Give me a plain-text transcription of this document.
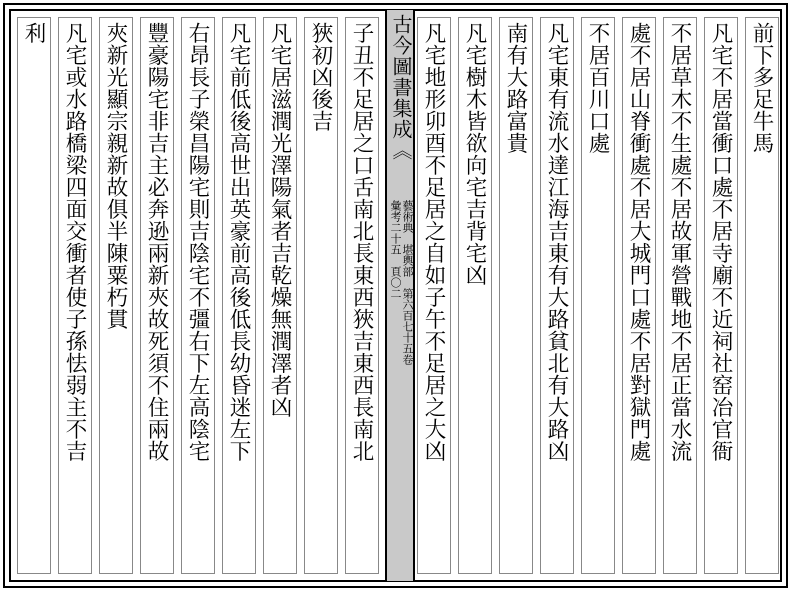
子丑不足居之口舌南北長東西狹吉東西長南北
狹初凶後吉
凡宅居滋潤光澤陽氣者吉乾燥無潤澤者凶
凡宅前低後高世出英豪前高後低長幼昏迷左下
右昂長子榮昌陽宅則吉陰宅不彊右下左高陰宅
豐豪陽宅非吉主必奔逊兩新夾故死須不住兩故
夾新光顯宗親新故俱半陳粟朽貫
凡宅或水路橋梁四面交衝者使子孫怯弱主不吉
利	古今圖書集成《
藝術典　堪輿部　第六百七十五卷
彙考二十五　頁〇二
前下多足牛馬
凡宅不居當衝口處不居寺廟不近祠社窑冶官衙
不居草木不生處不居故軍營戰地不居正當水流
處不居山脊衝處不居大城門口處不居對獄門處
不居百川口處
凡宅東有流水達江海吉東有大路貧北有大路凶
南有大路富貴
凡宅樹木皆欲向宅吉背宅凶
凡宅地形卯酉不足居之自如子午不足居之大凶
